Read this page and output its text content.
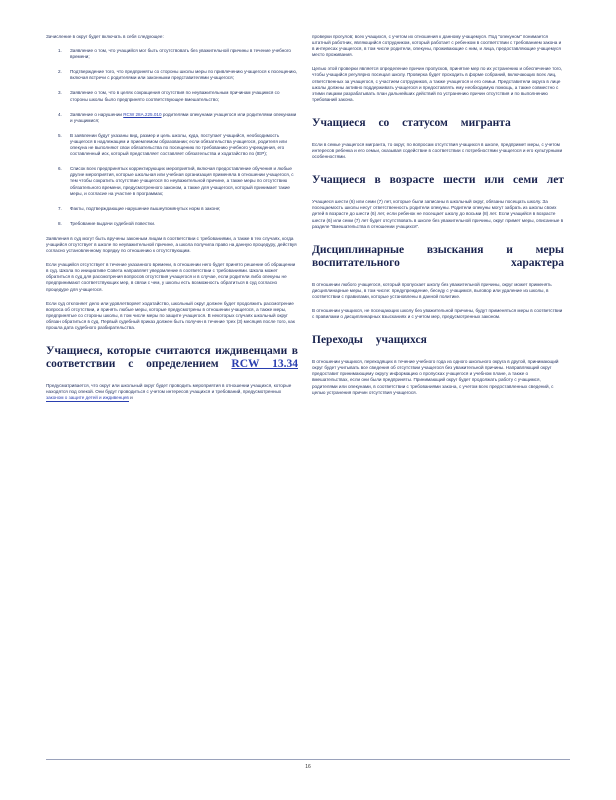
Зачисление в округ будет включать в себя следующее:

1. Заявление о том, что учащийся мог быть отсутствовать без уважительной причины в течение учебного времени;
2. Подтверждение того, что предприняты со стороны школы меры по привлечению учащегося к посещению, включая встречи с родителями или законными представителями учащегося;
3. Заявление о том, что в целях сокращения отсутствия по неуважительным причинам учащимся со стороны школы было предпринято соответствующее вмешательство;
4. Заявление о нарушении RCW 28A.225.010 родителями опекунами учащегося или родителями опекунами и учащимися;
5. В заявлении будут указаны вид, размер и цель школы, куда, поступает учащийся, необходимость учащегося в надлежащем и приемлемом образовании; если обязательства учащегося, родителя или опекуна не выполняют свои обязательства по посещению по требованию учебного учреждения, его составленный иск, который представляет составляет обязательства и ходатайство по (IEP);
6. Список всех предпринятых корректирующих мероприятий, включая предоставление обучения и любые другие мероприятия, которые школьная или учебная организация применяла в отношении учащегося, с тем чтобы сократить отсутствие учащегося по неуважительной причине, а также меры по отсутствию обязательного времени, предусмотренного законом, а также для учащегося, который принимает такие меры, и согласие на участие в программах;
7. Факты, подтверждающие нарушение вышеупомянутых норм в законе;
8. Требование выдачи судебной повестки.

Заявления в суд могут быть вручены законным лицам в соответствии с требованиями, а также в тех случаях, когда учащийся отсутствует в школе по неуважительной причине, а школа получила право на данную процедуру, действуя согласно установленному порядку по отношению к отсутствующим.

Если учащийся отсутствует в течение указанного времени, в отношении него будет принято решение об обращении в суд. Школа по инициативе Совета направляет уведомление в соответствии с требованиями. Школа может обратиться в суд для рассмотрения вопросов отсутствия учащегося и в случае, если родители либо опекуны не предпринимают соответствующих мер, в связи с чем, у школы есть возможность обратиться в суд согласно процедуре для учащегося.

Если суд отклоняет дело или удовлетворяет ходатайство, школьный округ должен будет продолжить рассмотрение вопроса об отсутствии, и принять любые меры, которые предусмотрены в отношении учащегося, а также меры, предпринятые со стороны школы, в том числе меры по защите учащегося. В некоторых случаях школьный округ обязан обратиться в суд. Первый судебный приказ должен быть получен в течение трех (3) месяцев после того, как прошла дата судебного разбирательства.

Учащиеся, которые считаются иждивенцами в соответствии с определением RCW 13.34

Предусматривается, что округ или школьный округ будет проводить мероприятия в отношении учащихся, которые находятся под опекой. Они будут проводиться с учетом интересов учащихся и требований, предусмотренных законом о защите детей и иждивенцев и

проверки прогулов; всех учащихся, с учетом их отношения к данному учащемуся. Под "опекуном" понимается штатный работник, являющийся сотрудником, который работает с ребенком в соответствии с требованием закона и в интересах учащегося, в том числе родители, опекуны, проживающие с ним, и лица, предоставляющие учащемуся место проживания.

Целью этой проверки является определение причин пропусков, принятие мер по их устранению и обеспечение того, чтобы учащийся регулярно посещал школу. Проверка будет проходить в форме собраний, включающих всех лиц, ответственных за учащегося, с участием сотрудников, а также учащегося и его семьи. Представители округа в лице школы должны активно поддерживать учащегося и предоставлять ему необходимую помощь, а также совместно с этими лицами разрабатывать план дальнейших действий по устранению причин отсутствия и по выполнению требований закона.

Учащиеся со статусом мигранта

Если в семье учащегося мигранта, то округ, по вопросам отсутствия учащихся в школе, предпримет меры, с учетом интересов ребенка и его семьи, оказывая содействие в соответствии с потребностями учащегося и его культурными особенностями.

Учащиеся в возрасте шести или семи лет

Учащиеся шести (6) или семи (7) лет, которые были записаны в школьный округ, обязаны посещать школу. За посещаемость школы несут ответственность родители опекуны. Родители опекуны могут забрать из школы своих детей в возрасте до шести (6) лет, если ребенок не посещает школу до восьми (8) лет. Если учащийся в возрасте шести (6) или семи (7) лет будет отсутствовать в школе без уважительной причины, округ примет меры, описанные в разделе "Вмешательства в отношении учащихся".

Дисциплинарные взыскания и меры воспитательного характера

В отношении любого учащегося, который пропускает школу без уважительной причины, округ может применять дисциплинарные меры, в том числе: предупреждение, беседу с учащимся, выговор или удаление из школы, в соответствии с правилами, которые установлены в данной политике.

В отношении учащихся, не посещающих школу без уважительной причины, будут применяться меры в соответствии с правилами о дисциплинарных взысканиях и с учетом мер, предусмотренных законом.

Переходы учащихся

В отношении учащихся, переходящих в течение учебного года из одного школьного округа в другой, принимающий округ будет учитывать все сведения об отсутствии учащегося без уважительной причины. Направляющий округ предоставит принимающему округу информацию о пропусках учащегося и учебном плане, а также о вмешательствах, если они были предприняты. Принимающий округ будет продолжать работу с учащимся, родителями или опекунами, в соответствии с требованиями закона, с учетом всех предоставленных сведений, с целью устранения причин отсутствия учащегося.

16
